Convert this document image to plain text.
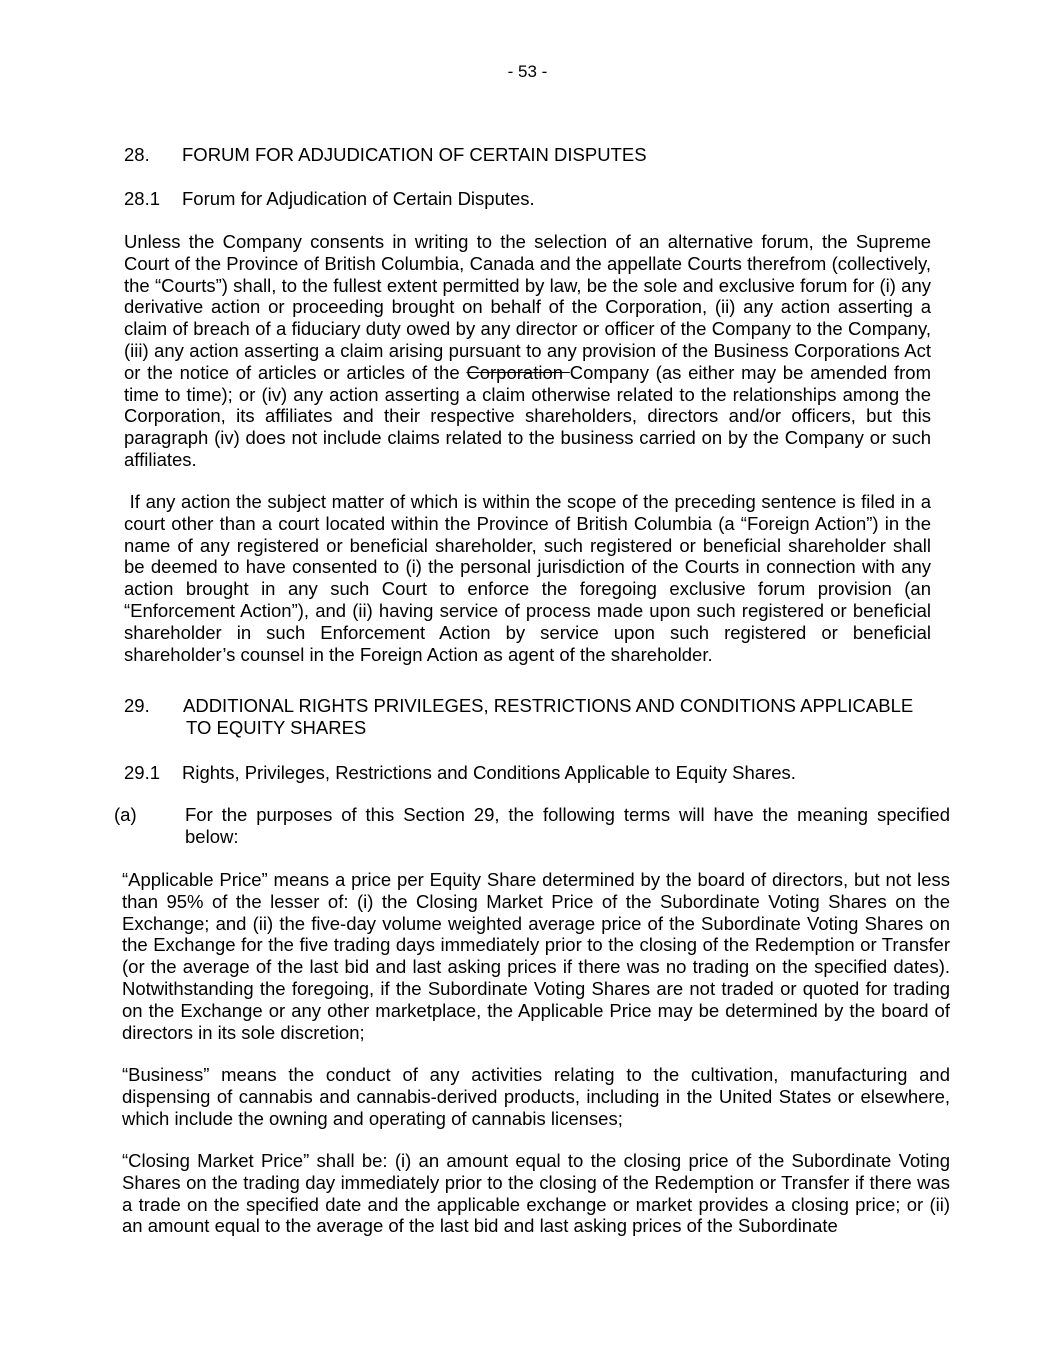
- 53 -
28. FORUM FOR ADJUDICATION OF CERTAIN DISPUTES
28.1 Forum for Adjudication of Certain Disputes.

Unless the Company consents in writing to the selection of an alternative forum, the Supreme Court of the Province of British Columbia, Canada and the appellate Courts therefrom (collectively, the “Courts”) shall, to the fullest extent permitted by law, be the sole and exclusive forum for (i) any derivative action or proceeding brought on behalf of the Corporation, (ii) any action asserting a claim of breach of a fiduciary duty owed by any director or officer of the Company to the Company, (iii) any action asserting a claim arising pursuant to any provision of the Business Corporations Act or the notice of articles or articles of the Corporation Company (as either may be amended from time to time); or (iv) any action asserting a claim otherwise related to the relationships among the Corporation, its affiliates and their respective shareholders, directors and/or officers, but this paragraph (iv) does not include claims related to the business carried on by the Company or such affiliates.

If any action the subject matter of which is within the scope of the preceding sentence is filed in a court other than a court located within the Province of British Columbia (a “Foreign Action”) in the name of any registered or beneficial shareholder, such registered or beneficial shareholder shall be deemed to have consented to (i) the personal jurisdiction of the Courts in connection with any action brought in any such Court to enforce the foregoing exclusive forum provision (an “Enforcement Action”), and (ii) having service of process made upon such registered or beneficial shareholder in such Enforcement Action by service upon such registered or beneficial shareholder’s counsel in the Foreign Action as agent of the shareholder.

29. ADDITIONAL RIGHTS PRIVILEGES, RESTRICTIONS AND CONDITIONS APPLICABLE
TO EQUITY SHARES
29.1 Rights, Privileges, Restrictions and Conditions Applicable to Equity Shares.
(a)	For the purposes of this Section 29, the following terms will have the meaning specified below:

“Applicable Price” means a price per Equity Share determined by the board of directors, but not less than 95% of the lesser of: (i) the Closing Market Price of the Subordinate Voting Shares on the Exchange; and (ii) the five-day volume weighted average price of the Subordinate Voting Shares on the Exchange for the five trading days immediately prior to the closing of the Redemption or Transfer (or the average of the last bid and last asking prices if there was no trading on the specified dates). Notwithstanding the foregoing, if the Subordinate Voting Shares are not traded or quoted for trading on the Exchange or any other marketplace, the Applicable Price may be determined by the board of directors in its sole discretion;

“Business” means the conduct of any activities relating to the cultivation, manufacturing and dispensing of cannabis and cannabis-derived products, including in the United States or elsewhere, which include the owning and operating of cannabis licenses;

“Closing Market Price” shall be: (i) an amount equal to the closing price of the Subordinate Voting Shares on the trading day immediately prior to the closing of the Redemption or Transfer if there was a trade on the specified date and the applicable exchange or market provides a closing price; or (ii) an amount equal to the average of the last bid and last asking prices of the Subordinate
